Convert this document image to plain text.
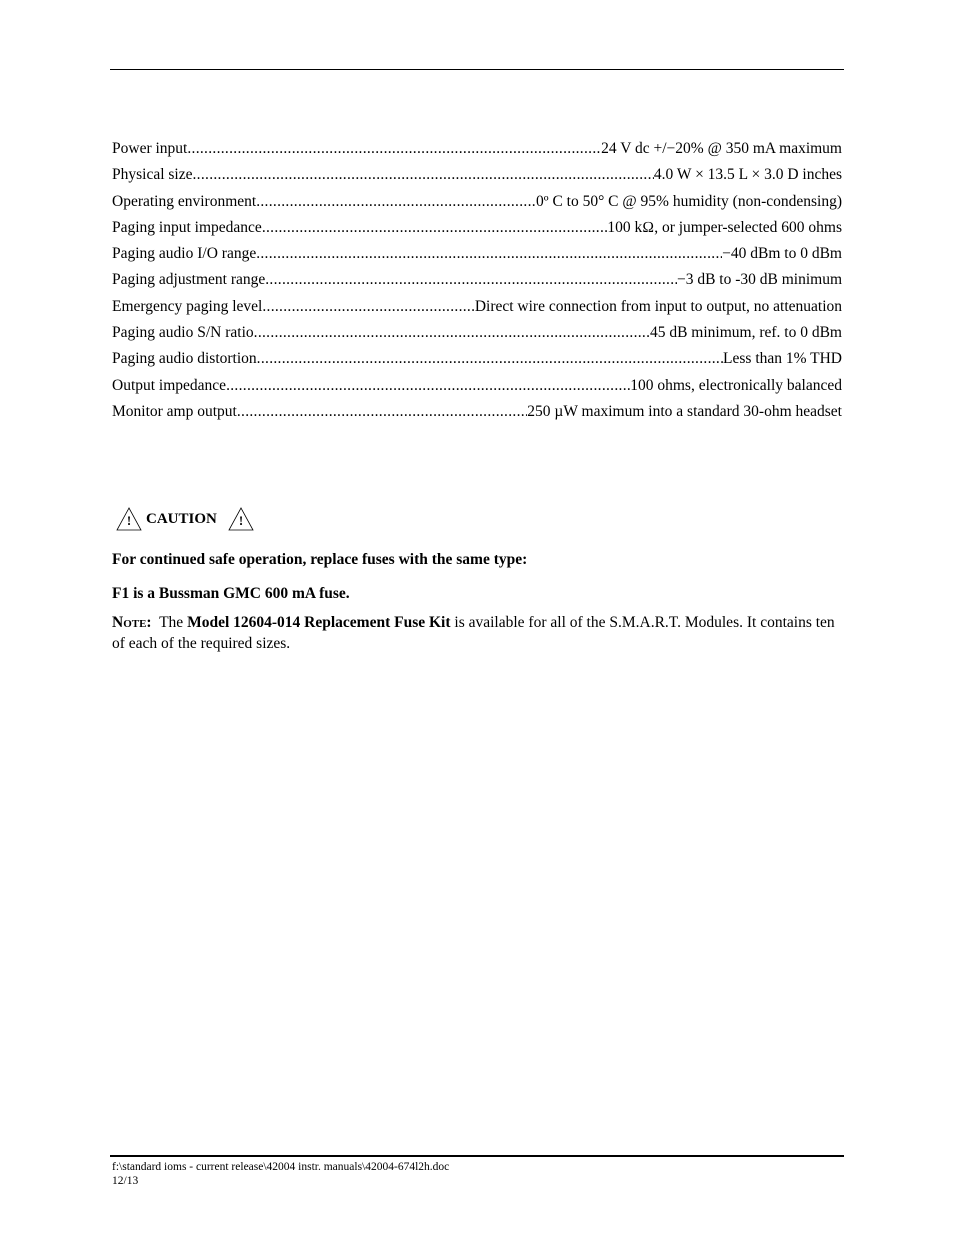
Power input .....	24 V dc +/−20% @ 350 mA maximum
Physical size .....	4.0 W × 13.5 L × 3.0 D inches
Operating environment .....	0º C to 50° C @ 95% humidity (non-condensing)
Paging input impedance .....	100 kΩ, or jumper-selected 600 ohms
Paging audio I/O range .....	−40 dBm to 0 dBm
Paging adjustment range .....	−3 dB to -30 dB minimum
Emergency paging level .....	Direct wire connection from input to output, no attenuation
Paging audio S/N ratio .....	45 dB minimum, ref. to 0 dBm
Paging audio distortion .....	Less than 1% THD
Output impedance .....	100 ohms, electronically balanced
Monitor amp output .....	250 µW maximum into a standard 30-ohm headset
! CAUTION !
For continued safe operation, replace fuses with the same type:
F1 is a Bussman GMC 600 mA fuse.
Note: The Model 12604-014 Replacement Fuse Kit is available for all of the S.M.A.R.T. Modules. It contains ten of each of the required sizes.
f:\standard ioms - current release\42004 instr. manuals\42004-674l2h.doc
12/13
